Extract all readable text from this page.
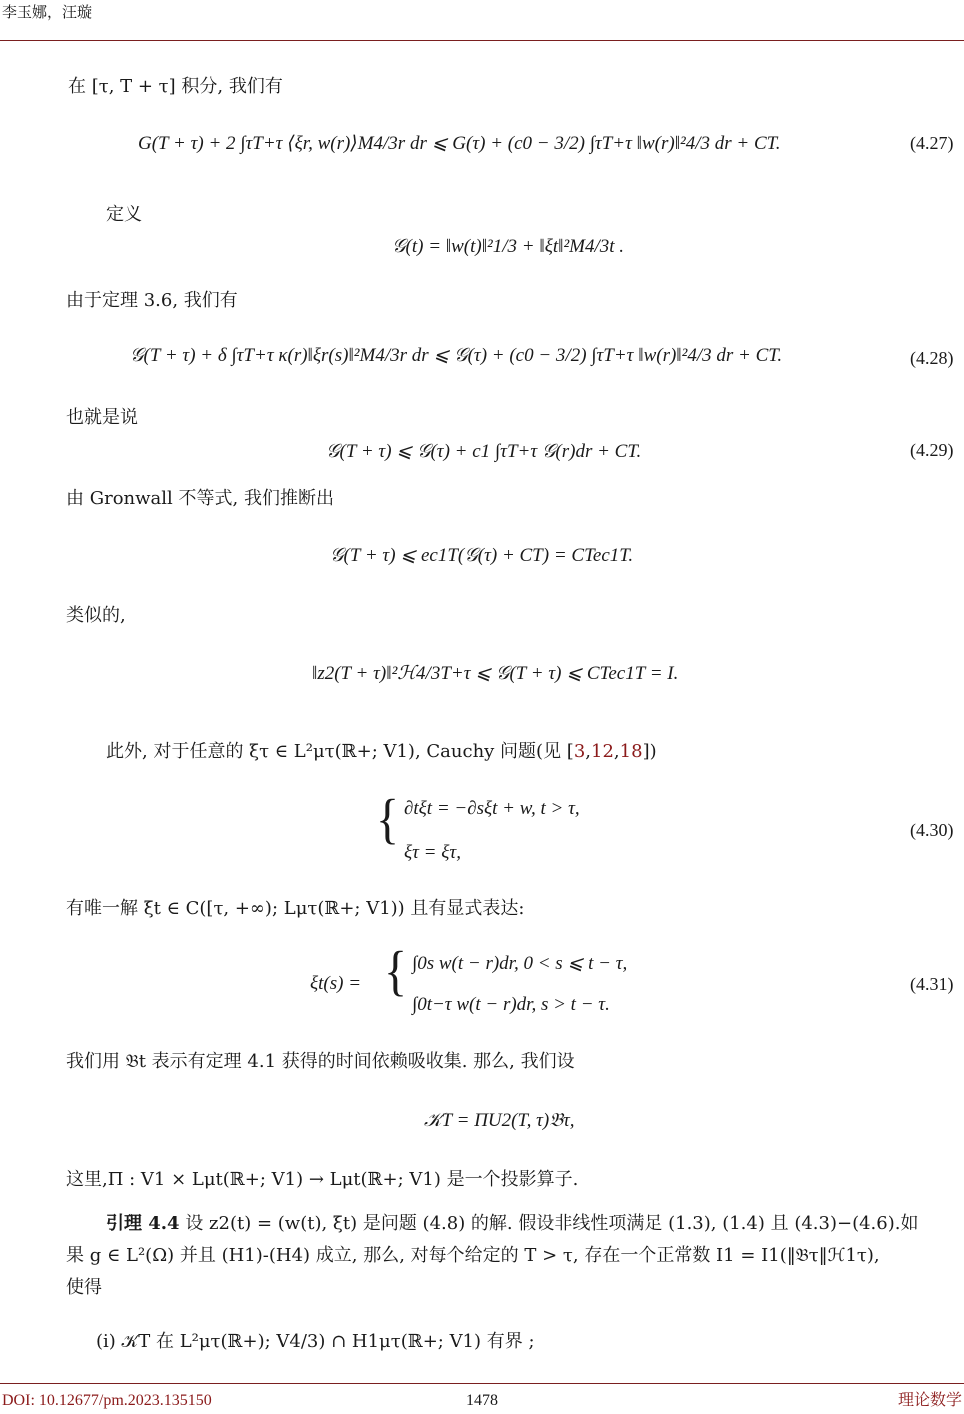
李玉娜，汪璇
在 [τ, T + τ] 积分, 我们有
G(T + τ) + 2 ∫τT+τ ⟨ξr, w(r)⟩M4/3r dr ⩽ G(τ) + (c0 − 3/2) ∫τT+τ ‖w(r)‖²4/3 dr + CT.	(4.27)
定义
𝒢(t) = ‖w(t)‖²1/3 + ‖ξt‖²M4/3t .
由于定理 3.6, 我们有
𝒢(T + τ) + δ ∫τT+τ κ(r)‖ξr(s)‖²M4/3r dr ⩽ 𝒢(τ) + (c0 − 3/2) ∫τT+τ ‖w(r)‖²4/3 dr + CT.	(4.28)
也就是说
𝒢(T + τ) ⩽ 𝒢(τ) + c1 ∫τT+τ 𝒢(r)dr + CT.	(4.29)
由 Gronwall 不等式, 我们推断出
𝒢(T + τ) ⩽ ec1T(𝒢(τ) + CT) = CTec1T.
类似的,
‖z2(T + τ)‖²ℋ4/3T+τ ⩽ 𝒢(T + τ) ⩽ CTec1T = I.
此外, 对于任意的 ξτ ∈ L²μτ(ℝ+; V1), Cauchy 问题(见 [3,12,18])
{ ∂tξt = −∂sξt + w, t > τ,
ξτ = ξτ,
(4.30)
有唯一解 ξt ∈ C([τ, +∞); Lμτ(ℝ+; V1)) 且有显式表达:
ξt(s) = { ∫0s w(t − r)dr, 0 < s ⩽ t − τ,
∫0t−τ w(t − r)dr, s > t − τ.
(4.31)
我们用 𝔅t 表示有定理 4.1 获得的时间依赖吸收集. 那么, 我们设
𝒦T = ΠU2(T, τ)𝔅τ,
这里,Π : V1 × Lμt(ℝ+; V1) → Lμt(ℝ+; V1) 是一个投影算子.
引理 4.4 设 z2(t) = (w(t), ξt) 是问题 (4.8) 的解. 假设非线性项满足 (1.3), (1.4) 且 (4.3)−(4.6).如
果 g ∈ L²(Ω) 并且 (H1)-(H4) 成立, 那么, 对每个给定的 T > τ, 存在一个正常数 I1 = I1(‖𝔅τ‖ℋ1τ),
使得
(i) 𝒦T 在 L²μτ(ℝ+); V4/3) ∩ H1μτ(ℝ+; V1) 有界 ;
DOI: 10.12677/pm.2023.135150	1478	理论数学
